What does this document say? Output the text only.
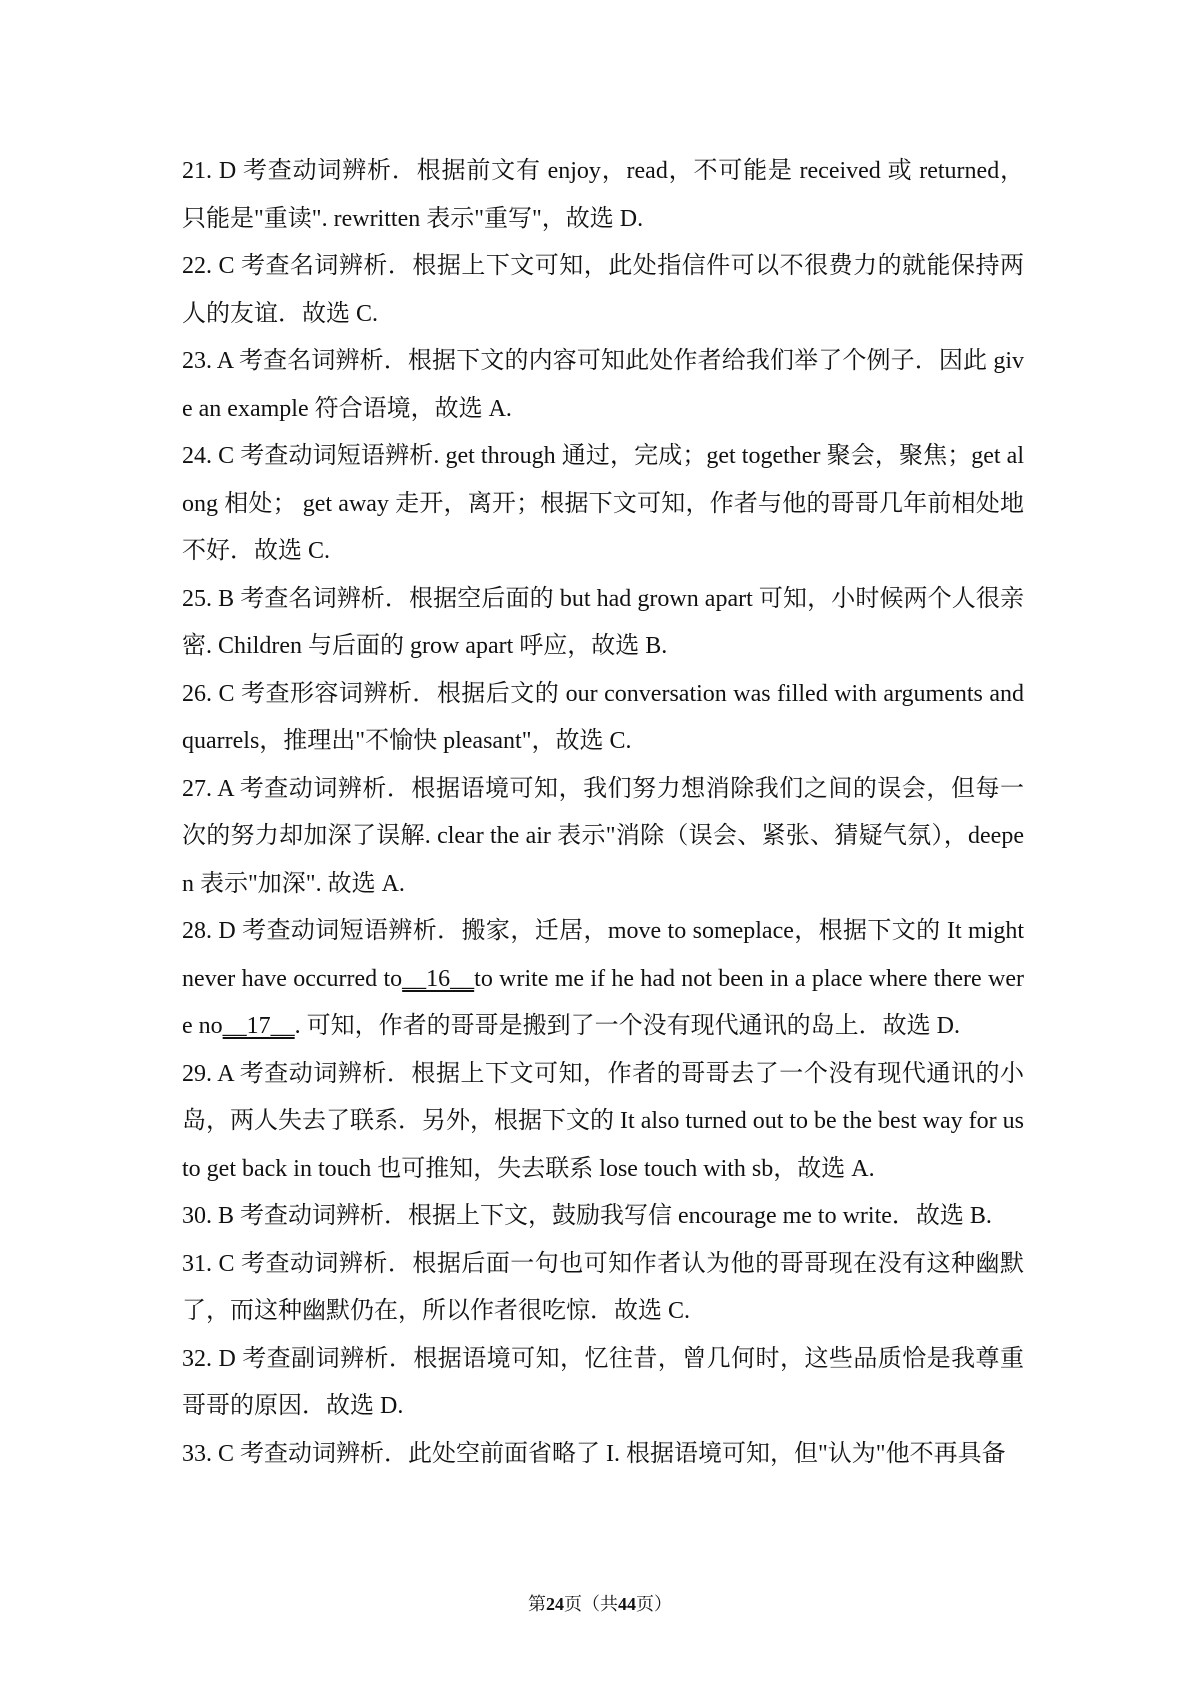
21. D 考查动词辨析．根据前文有 enjoy，read，不可能是 received 或 returned，只能是"重读". rewritten 表示"重写"，故选 D.

22. C 考查名词辨析．根据上下文可知，此处指信件可以不很费力的就能保持两人的友谊．故选 C.

23. A 考查名词辨析．根据下文的内容可知此处作者给我们举了个例子．因此 give an example 符合语境，故选 A.

24. C 考查动词短语辨析. get through 通过，完成；get together 聚会，聚焦；get along 相处； get away 走开，离开；根据下文可知，作者与他的哥哥几年前相处地不好．故选 C.

25. B 考查名词辨析．根据空后面的 but had grown apart 可知，小时候两个人很亲密. Children 与后面的 grow apart 呼应，故选 B.

26. C 考查形容词辨析．根据后文的 our conversation was filled with arguments and quarrels，推理出"不愉快 pleasant"，故选 C.

27. A 考查动词辨析．根据语境可知，我们努力想消除我们之间的误会，但每一次的努力却加深了误解. clear the air 表示"消除（误会、紧张、猜疑气氛），deepen 表示"加深". 故选 A.

28. D 考查动词短语辨析．搬家，迁居，move to someplace，根据下文的 It might never have occurred to__16__to write me if he had not been in a place where there were no__17__. 可知，作者的哥哥是搬到了一个没有现代通讯的岛上．故选 D.

29. A 考查动词辨析．根据上下文可知，作者的哥哥去了一个没有现代通讯的小岛，两人失去了联系．另外，根据下文的 It also turned out to be the best way for us to get back in touch 也可推知，失去联系 lose touch with sb，故选 A.

30. B 考查动词辨析．根据上下文，鼓励我写信 encourage me to write．故选 B.

31. C 考查动词辨析．根据后面一句也可知作者认为他的哥哥现在没有这种幽默了，而这种幽默仍在，所以作者很吃惊．故选 C.

32. D 考查副词辨析．根据语境可知，忆往昔，曾几何时，这些品质恰是我尊重哥哥的原因．故选 D.

33. C 考查动词辨析．此处空前面省略了 I. 根据语境可知，但"认为"他不再具备

第24页（共44页）
